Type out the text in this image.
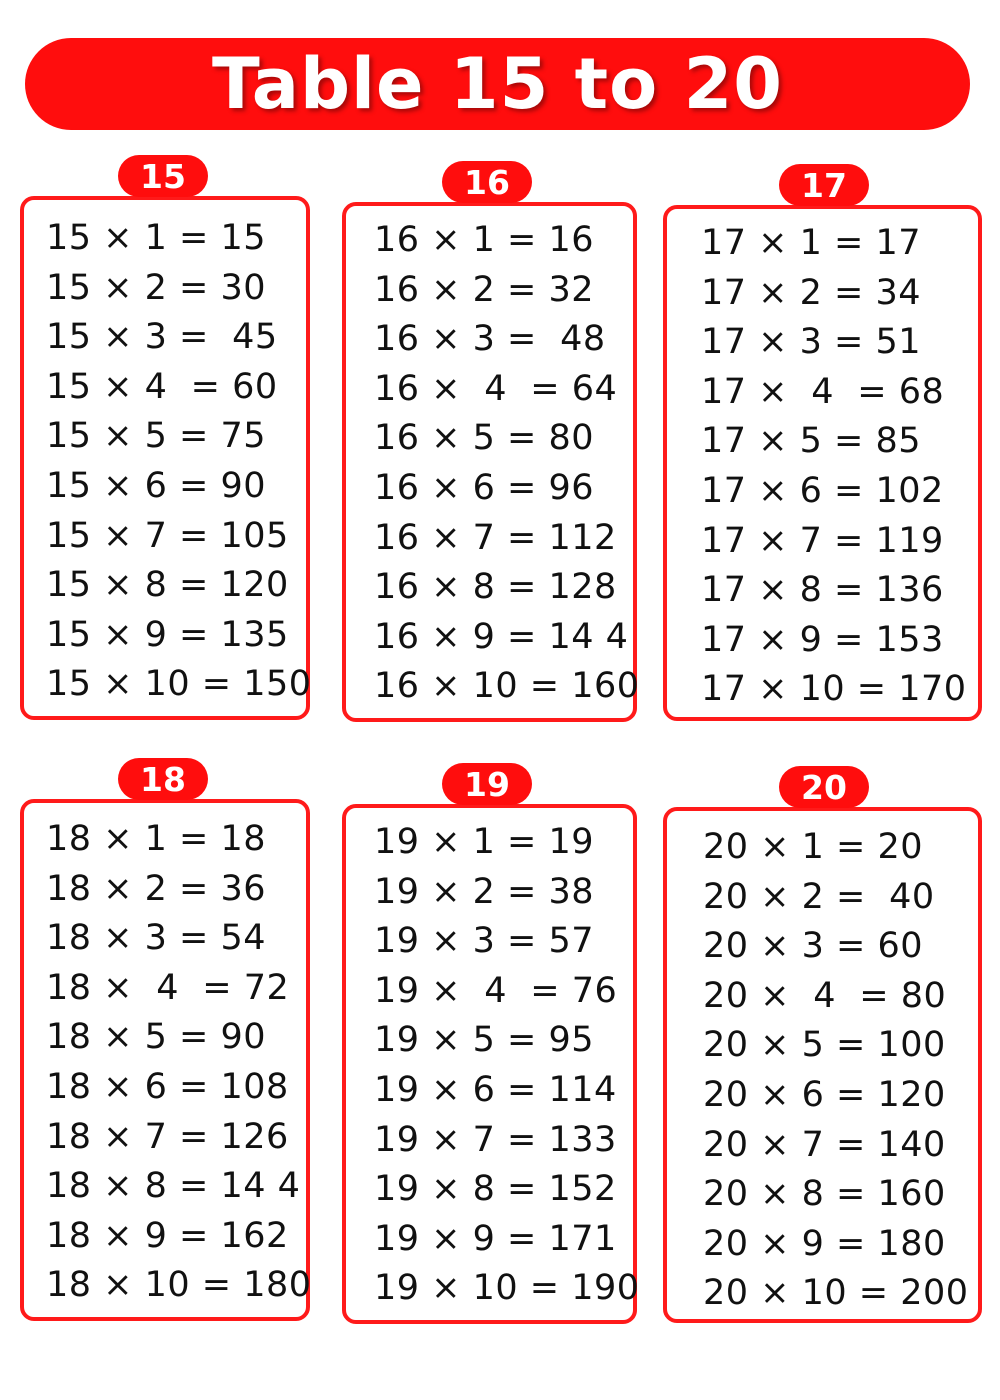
Table 15 to 20
15
15 × 1 = 15
15 × 2 = 30
15 × 3 =  45
15 × 4  = 60
15 × 5 = 75
15 × 6 = 90
15 × 7 = 105
15 × 8 = 120
15 × 9 = 135
15 × 10 = 150
16
16 × 1 = 16
16 × 2 = 32
16 × 3 =  48
16 ×  4  = 64
16 × 5 = 80
16 × 6 = 96
16 × 7 = 112
16 × 8 = 128
16 × 9 = 14 4
16 × 10 = 160
17
17 × 1 = 17
17 × 2 = 34
17 × 3 = 51
17 ×  4  = 68
17 × 5 = 85
17 × 6 = 102
17 × 7 = 119
17 × 8 = 136
17 × 9 = 153
17 × 10 = 170
18
18 × 1 = 18
18 × 2 = 36
18 × 3 = 54
18 ×  4  = 72
18 × 5 = 90
18 × 6 = 108
18 × 7 = 126
18 × 8 = 14 4
18 × 9 = 162
18 × 10 = 180
19
19 × 1 = 19
19 × 2 = 38
19 × 3 = 57
19 ×  4  = 76
19 × 5 = 95
19 × 6 = 114
19 × 7 = 133
19 × 8 = 152
19 × 9 = 171
19 × 10 = 190
20
20 × 1 = 20
20 × 2 =  40
20 × 3 = 60
20 ×  4  = 80
20 × 5 = 100
20 × 6 = 120
20 × 7 = 140
20 × 8 = 160
20 × 9 = 180
20 × 10 = 200
